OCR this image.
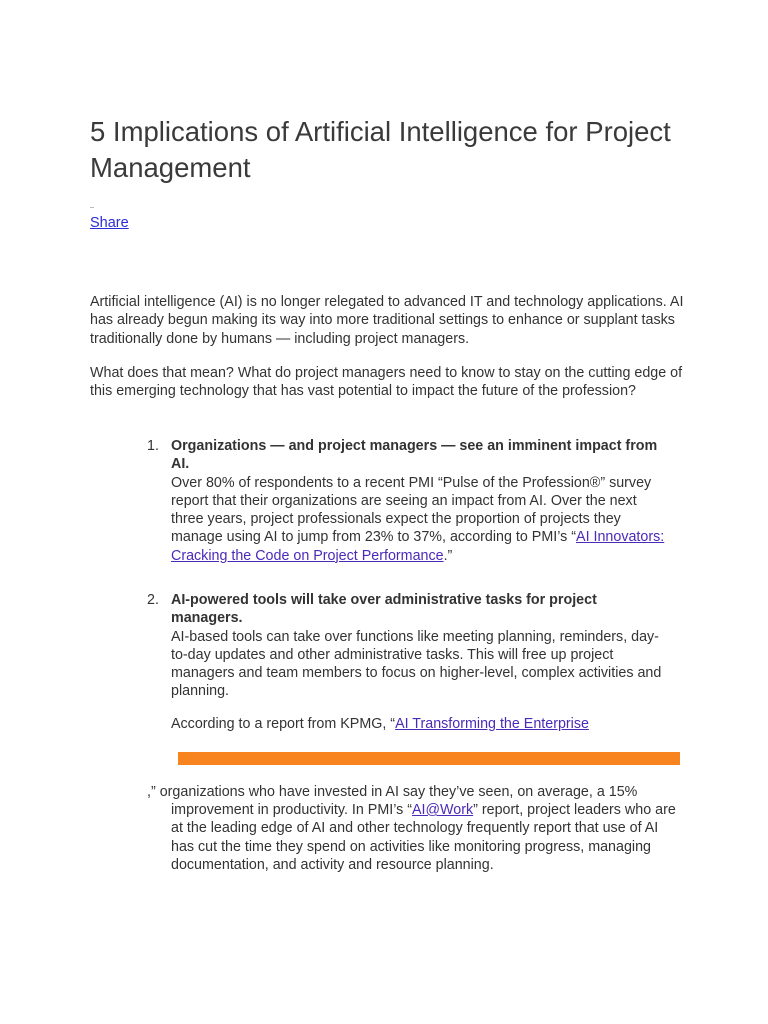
5 Implications of Artificial Intelligence for Project Management
Share

Artificial intelligence (AI) is no longer relegated to advanced IT and technology applications. AI has already begun making its way into more traditional settings to enhance or supplant tasks traditionally done by humans — including project managers.

What does that mean? What do project managers need to know to stay on the cutting edge of this emerging technology that has vast potential to impact the future of the profession?

1. Organizations — and project managers — see an imminent impact from AI.
Over 80% of respondents to a recent PMI “Pulse of the Profession®” survey report that their organizations are seeing an impact from AI. Over the next three years, project professionals expect the proportion of projects they manage using AI to jump from 23% to 37%, according to PMI’s “AI Innovators: Cracking the Code on Project Performance.”
2. AI-powered tools will take over administrative tasks for project managers.
AI-based tools can take over functions like meeting planning, reminders, day-to-day updates and other administrative tasks. This will free up project managers and team members to focus on higher-level, complex activities and planning.
According to a report from KPMG, “AI Transforming the Enterprise
,” organizations who have invested in AI say they’ve seen, on average, a 15%
improvement in productivity. In PMI’s “AI@Work” report, project leaders who are at the leading edge of AI and other technology frequently report that use of AI has cut the time they spend on activities like monitoring progress, managing documentation, and activity and resource planning.
